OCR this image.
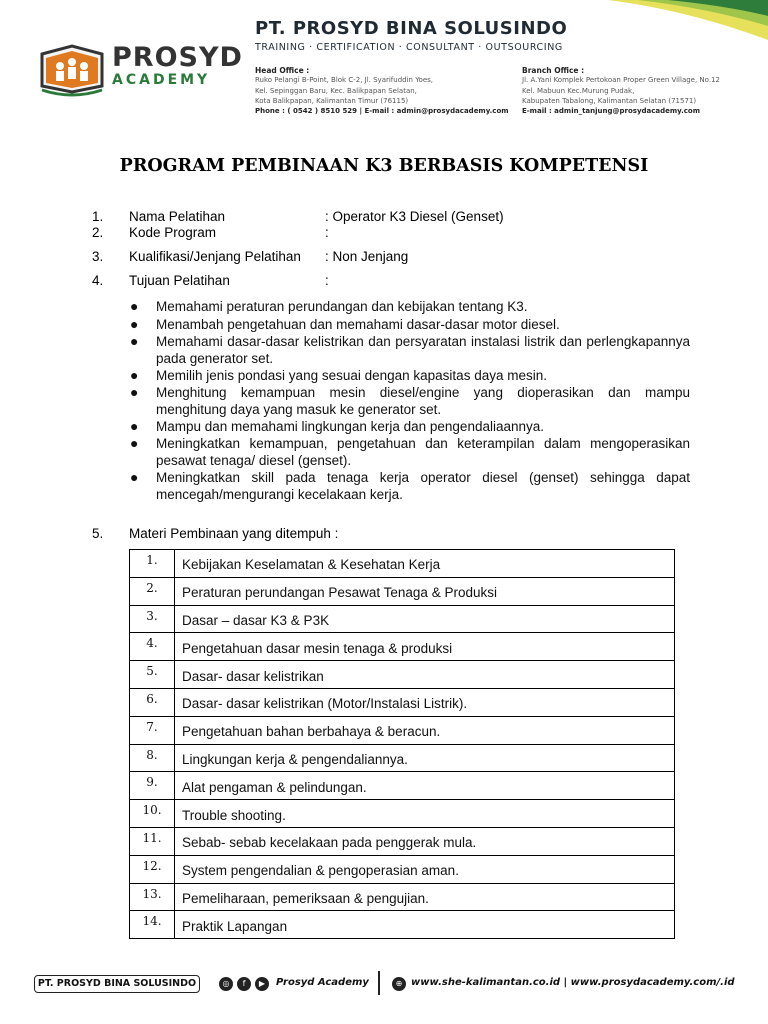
PROSYD
ACADEMY
PT. PROSYD BINA SOLUSINDO
TRAINING · CERTIFICATION · CONSULTANT · OUTSOURCING
Head Office :
Ruko Pelangi B-Point, Blok C-2, Jl. Syarifuddin Yoes,
Kel. Sepinggan Baru, Kec. Balikpapan Selatan,
Kota Balikpapan, Kalimantan Timur (76115)
Phone : ( 0542 ) 8510 529 | E-mail : admin@prosydacademy.com
Branch Office :
Jl. A.Yani Komplek Pertokoan Proper Green Village, No.12
Kel. Mabuun Kec.Murung Pudak,
Kabupaten Tabalong, Kalimantan Selatan (71571)
E-mail : admin_tanjung@prosydacademy.com
PROGRAM PEMBINAAN K3 BERBASIS KOMPETENSI
1. Nama Pelatihan	: Operator K3 Diesel (Genset)
2. Kode Program	:
3. Kualifikasi/Jenjang Pelatihan : Non Jenjang
4. Tujuan Pelatihan	:
● Memahami peraturan perundangan dan kebijakan tentang K3.
● Menambah pengetahuan dan memahami dasar-dasar motor diesel.
● Memahami dasar-dasar kelistrikan dan persyaratan instalasi listrik dan perlengkapannya pada generator set.
● Memilih jenis pondasi yang sesuai dengan kapasitas daya mesin.
● Menghitung kemampuan mesin diesel/engine yang dioperasikan dan mampu menghitung daya yang masuk ke generator set.
● Mampu dan memahami lingkungan kerja dan pengendaliaannya.
● Meningkatkan kemampuan, pengetahuan dan keterampilan dalam mengoperasikan pesawat tenaga/ diesel (genset).
● Meningkatkan skill pada tenaga kerja operator diesel (genset) sehingga dapat mencegah/mengurangi kecelakaan kerja.
5. Materi Pembinaan yang ditempuh :
1.	Kebijakan Keselamatan & Kesehatan Kerja
2.	Peraturan perundangan Pesawat Tenaga & Produksi
3.	Dasar – dasar K3 & P3K
4.	Pengetahuan dasar mesin tenaga & produksi
5.	Dasar- dasar kelistrikan
6.	Dasar- dasar kelistrikan (Motor/Instalasi Listrik).
7.	Pengetahuan bahan berbahaya & beracun.
8.	Lingkungan kerja & pengendaliannya.
9.	Alat pengaman & pelindungan.
10.	Trouble shooting.
11.	Sebab- sebab kecelakaan pada penggerak mula.
12.	System pengendalian & pengoperasian aman.
13.	Pemeliharaan, pemeriksaan & pengujian.
14.	Praktik Lapangan
PT. PROSYD BINA SOLUSINDO	◎	f	▶	Prosyd Academy	⊕ www.she-kalimantan.co.id | www.prosydacademy.com/.id
